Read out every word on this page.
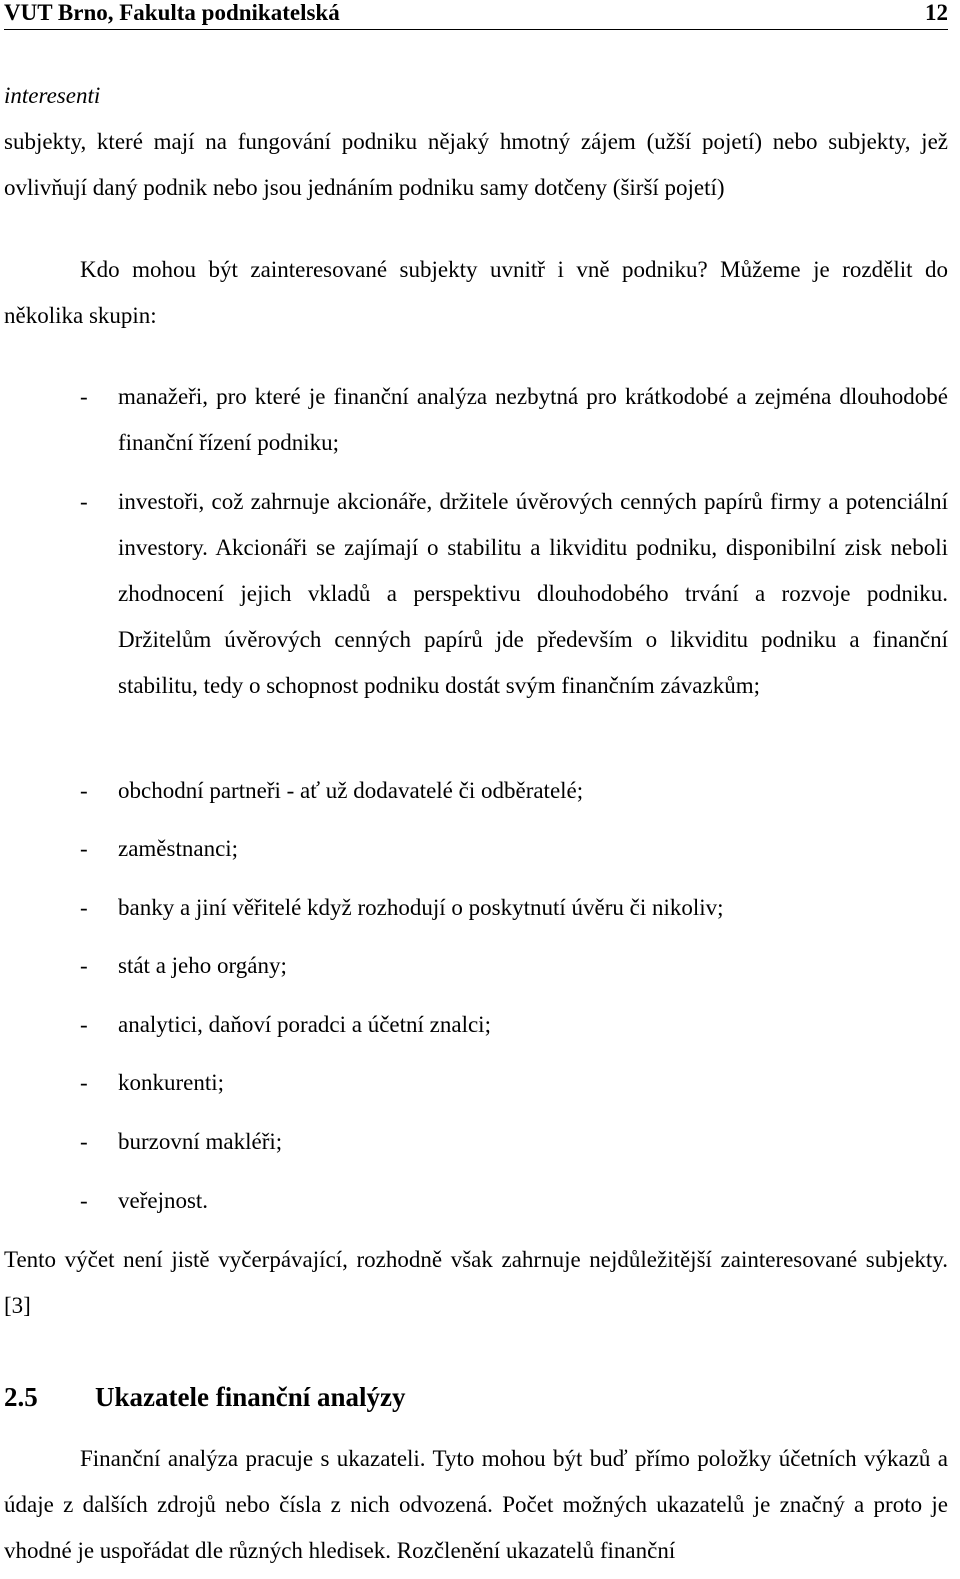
VUT Brno, Fakulta podnikatelská	12
interesenti
subjekty, které mají na fungování podniku nějaký hmotný zájem (užší pojetí) nebo subjekty, jež ovlivňují daný podnik nebo jsou jednáním podniku samy dotčeny (širší pojetí)
Kdo mohou být zainteresované subjekty uvnitř i vně podniku? Můžeme je rozdělit do několika skupin:
- manažeři, pro které je finanční analýza nezbytná pro krátkodobé a zejména dlouhodobé finanční řízení podniku;
- investoři, což zahrnuje akcionáře, držitele úvěrových cenných papírů firmy a potenciální investory. Akcionáři se zajímají o stabilitu a likviditu podniku, disponibilní zisk neboli zhodnocení jejich vkladů a perspektivu dlouhodobého trvání a rozvoje podniku. Držitelům úvěrových cenných papírů jde především o likviditu podniku a finanční stabilitu, tedy o schopnost podniku dostát svým finančním závazkům;
- obchodní partneři - ať už dodavatelé či odběratelé;
- zaměstnanci;
- banky a jiní věřitelé když rozhodují o poskytnutí úvěru či nikoliv;
- stát a jeho orgány;
- analytici, daňoví poradci a účetní znalci;
- konkurenti;
- burzovní makléři;
- veřejnost.
Tento výčet není jistě vyčerpávající, rozhodně však zahrnuje nejdůležitější zainteresované subjekty. [3]
2.5 Ukazatele finanční analýzy
Finanční analýza pracuje s ukazateli. Tyto mohou být buď přímo položky účetních výkazů a údaje z dalších zdrojů nebo čísla z nich odvozená. Počet možných ukazatelů je značný a proto je vhodné je uspořádat dle různých hledisek. Rozčlenění ukazatelů finanční
